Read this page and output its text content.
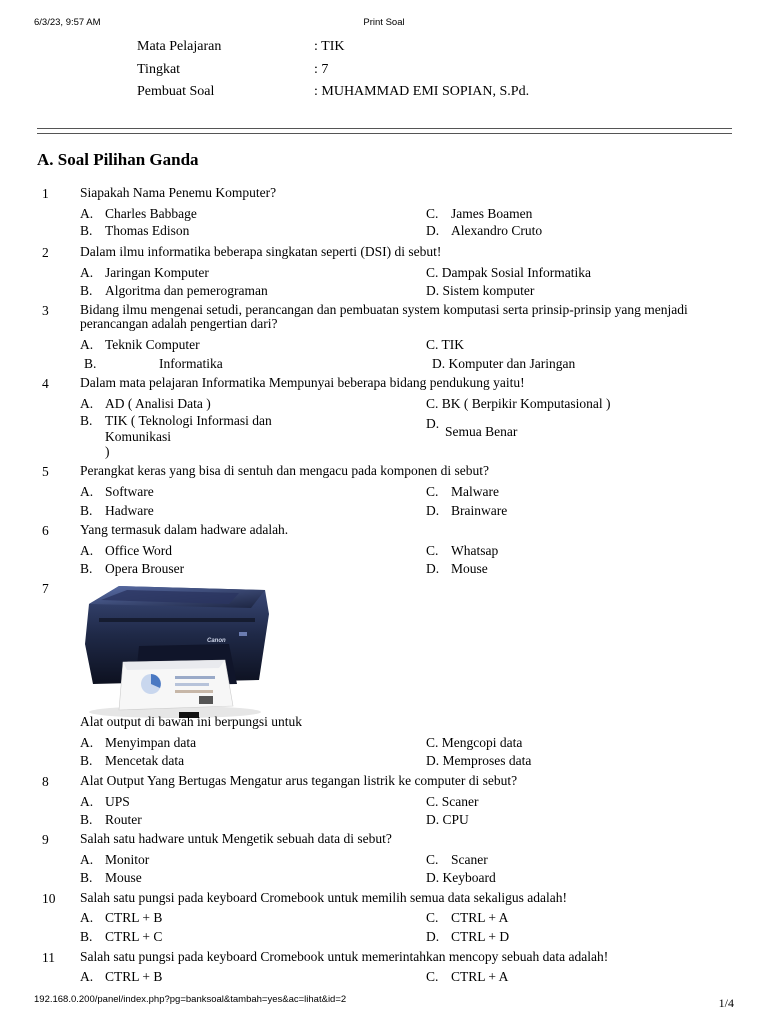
6/3/23, 9:57 AM	Print Soal
Mata Pelajaran	: TIK
Tingkat	: 7
Pembuat Soal	: MUHAMMAD EMI SOPIAN, S.Pd.
A. Soal Pilihan Ganda
1 Siapakah Nama Penemu Komputer?
A. Charles Babbage
B. Thomas Edison
C. James Boamen
D. Alexandro Cruto
2 Dalam ilmu informatika beberapa singkatan seperti (DSI) di sebut!
A. Jaringan Komputer
B. Algoritma dan pemerograman
C. Dampak Sosial Informatika
D. Sistem komputer
3 Bidang ilmu mengenai setudi, perancangan dan pembuatan system komputasi serta prinsip-prinsip yang menjadi perancangan adalah pengertian dari?
A. Teknik Computer
B.	Informatika
C. TIK
D. Komputer dan Jaringan
4 Dalam mata pelajaran Informatika Mempunyai beberapa bidang pendukung yaitu!
A. AD ( Analisi Data )
B. TIK ( Teknologi Informasi dan
Komunikasi
)
C. BK ( Berpikir Komputasional )
D.
Semua Benar
5 Perangkat keras yang bisa di sentuh dan mengacu pada komponen di sebut?
A. Software
B. Hadware
C. Malware
D. Brainware
6 Yang termasuk dalam hadware adalah.
A. Office Word
B. Opera Brouser
C. Whatsap
D. Mouse
7
Canon
Alat output di bawah ini berpungsi untuk
A. Menyimpan data
B. Mencetak data
C. Mengcopi data
D. Memproses data
8 Alat Output Yang Bertugas Mengatur arus tegangan listrik ke computer di sebut?
A. UPS
B. Router
C. Scaner
D. CPU
9 Salah satu hadware untuk Mengetik sebuah data di sebut?
A. Monitor
B. Mouse
C. Scaner
D. Keyboard
10 Salah satu pungsi pada keyboard Cromebook untuk memilih semua data sekaligus adalah!
A. CTRL + B
B. CTRL + C
C. CTRL + A
D. CTRL + D
11 Salah satu pungsi pada keyboard Cromebook untuk memerintahkan mencopy sebuah data adalah!
A. CTRL + B	C. CTRL + A
192.168.0.200/panel/index.php?pg=banksoal&tambah=yes&ac=lihat&id=2	1/4
